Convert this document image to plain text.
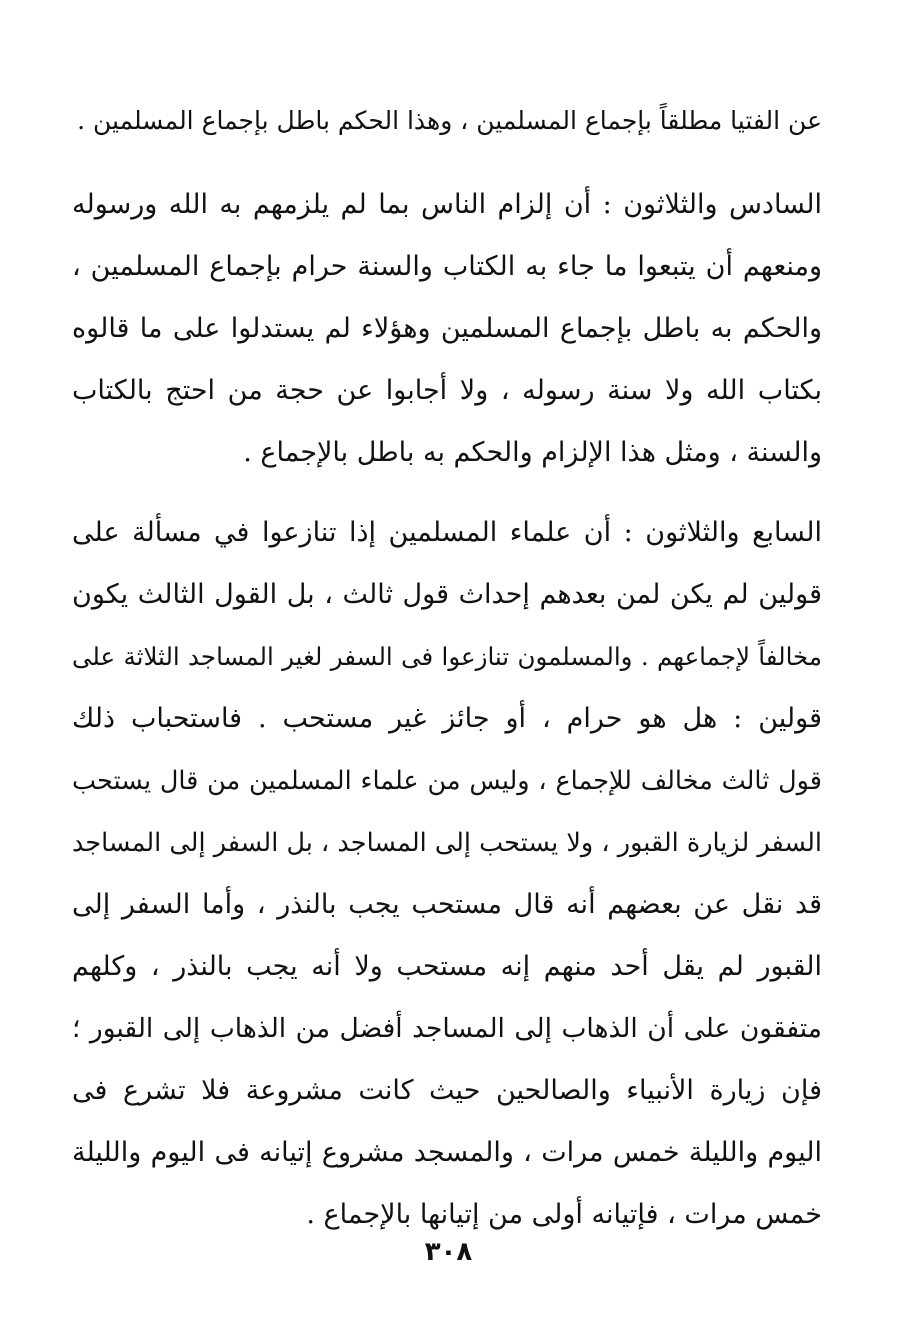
عن الفتيا مطلقاً بإجماع المسلمين ، وهذا الحكم باطل بإجماع المسلمين .
السادس والثلاثون : أن إلزام الناس بما لم يلزمهم به الله ورسوله
ومنعهم أن يتبعوا ما جاء به الكتاب والسنة حرام بإجماع المسلمين ،
والحكم به باطل بإجماع المسلمين وهؤلاء لم يستدلوا على ما قالوه
بكتاب الله ولا سنة رسوله ، ولا أجابوا عن حجة من احتج بالكتاب
والسنة ، ومثل هذا الإلزام والحكم به باطل بالإجماع .
السابع والثلاثون : أن علماء المسلمين إذا تنازعوا في مسألة على
قولين لم يكن لمن بعدهم إحداث قول ثالث ، بل القول الثالث يكون
مخالفاً لإجماعهم . والمسلمون تنازعوا فى السفر لغير المساجد الثلاثة على
قولين : هل هو حرام ، أو جائز غير مستحب . فاستحباب ذلك
قول ثالث مخالف للإجماع ، وليس من علماء المسلمين من قال يستحب
السفر لزيارة القبور ، ولا يستحب إلى المساجد ، بل السفر إلى المساجد
قد نقل عن بعضهم أنه قال مستحب يجب بالنذر ، وأما السفر إلى
القبور لم يقل أحد منهم إنه مستحب ولا أنه يجب بالنذر ، وكلهم
متفقون على أن الذهاب إلى المساجد أفضل من الذهاب إلى القبور ؛
فإن زيارة الأنبياء والصالحين حيث كانت مشروعة فلا تشرع فى
اليوم والليلة خمس مرات ، والمسجد مشروع إتيانه فى اليوم والليلة
خمس مرات ، فإتيانه أولى من إتيانها بالإجماع .
٣٠٨
